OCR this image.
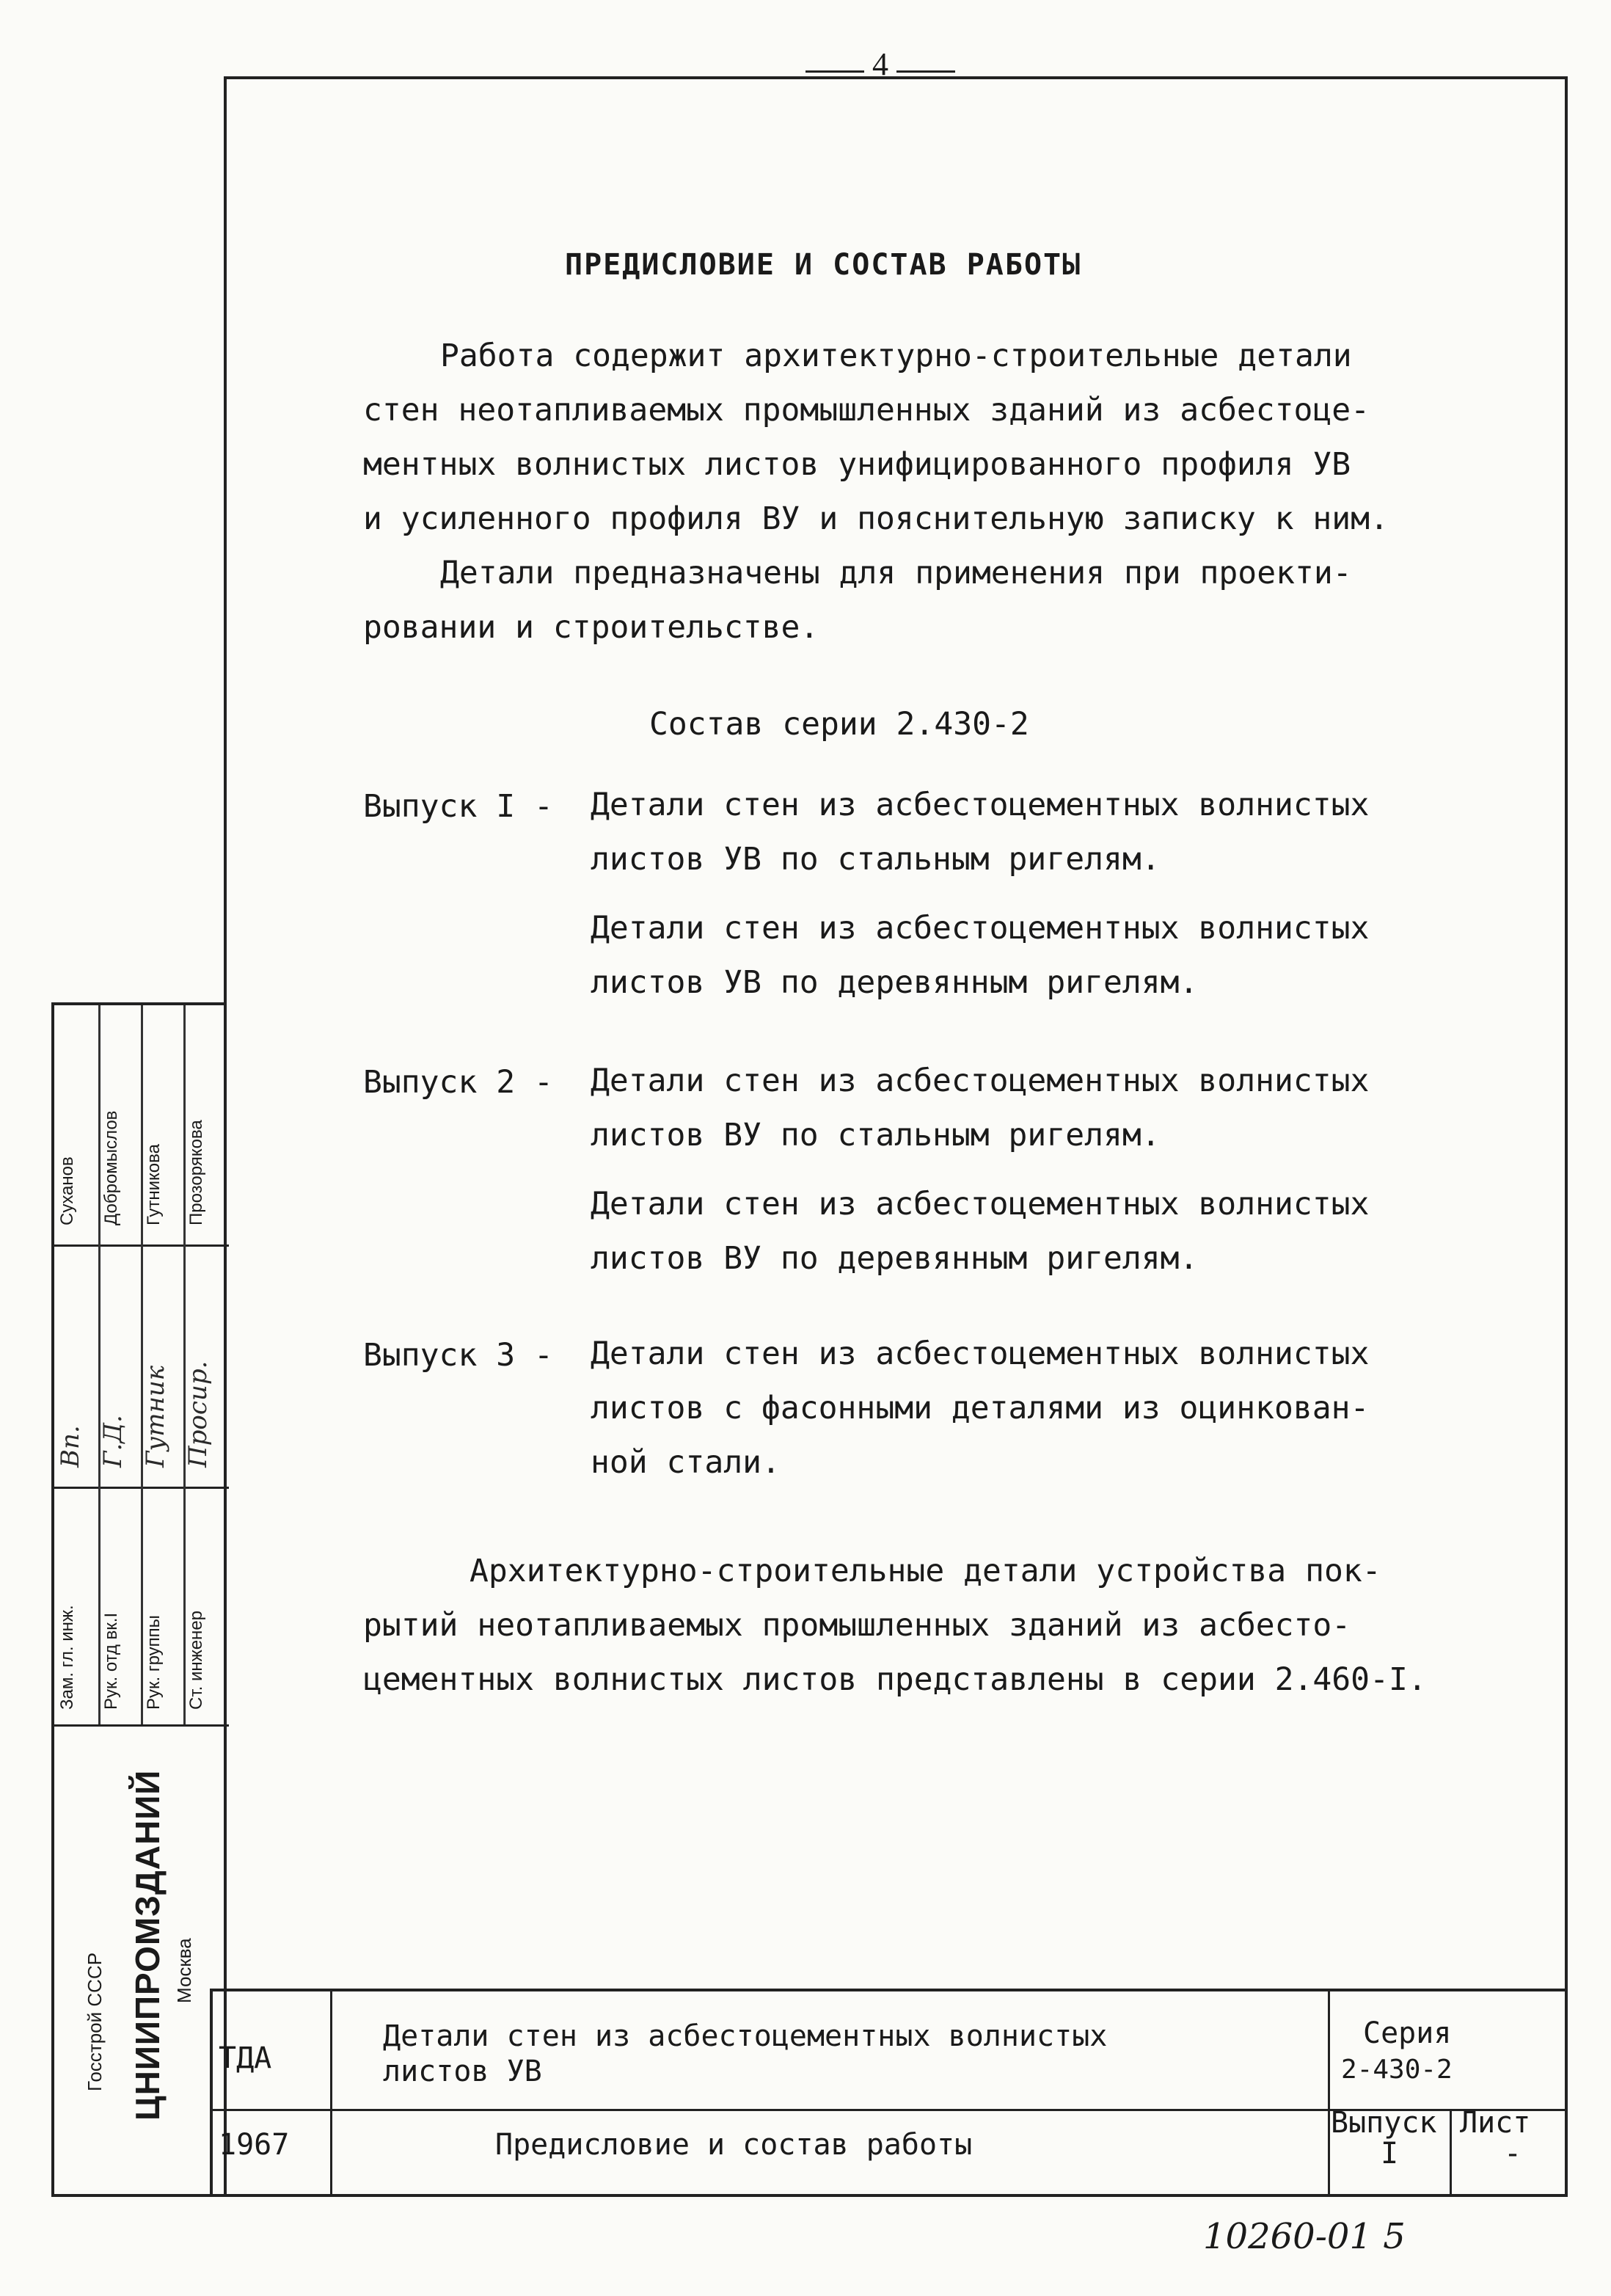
4
ПРЕДИСЛОВИЕ И СОСТАВ РАБОТЫ
Работа содержит архитектурно-строительные детали
стен неотапливаемых промышленных зданий из асбестоце-
ментных волнистых листов унифицированного профиля УВ
и усиленного профиля ВУ и пояснительную записку к ним.
Детали предназначены для применения при проекти-
ровании и строительстве.
Состав серии 2.430-2
Выпуск I - Детали стен из асбестоцементных волнистых
листов УВ по стальным ригелям.
Детали стен из асбестоцементных волнистых
листов УВ по деревянным ригелям.
Выпуск 2 - Детали стен из асбестоцементных волнистых
листов ВУ по стальным ригелям.
Детали стен из асбестоцементных волнистых
листов ВУ по деревянным ригелям.
Выпуск 3 - Детали стен из асбестоцементных волнистых
листов с фасонными деталями из оцинкован-
ной стали.
Архитектурно-строительные детали устройства пок-
рытий неотапливаемых промышленных зданий из асбесто-
цементных волнистых листов представлены в серии 2.460-I.
Суханов Добромыслов Гутникова Прозорякова
Вп. Г.Д. Гутник Просир.
Зам. гл. инж. Рук. отд вк.I Рук. группы Ст. инженер
Госстрой СССР ЦНИИПРОМЗДАНИЙ Москва
ТДА
Детали стен из асбестоцементных волнистых
листов УВ
Серия
2-430-2
1967	Предисловие и состав работы
Выпуск
I
Лист
-
10260-01 5
